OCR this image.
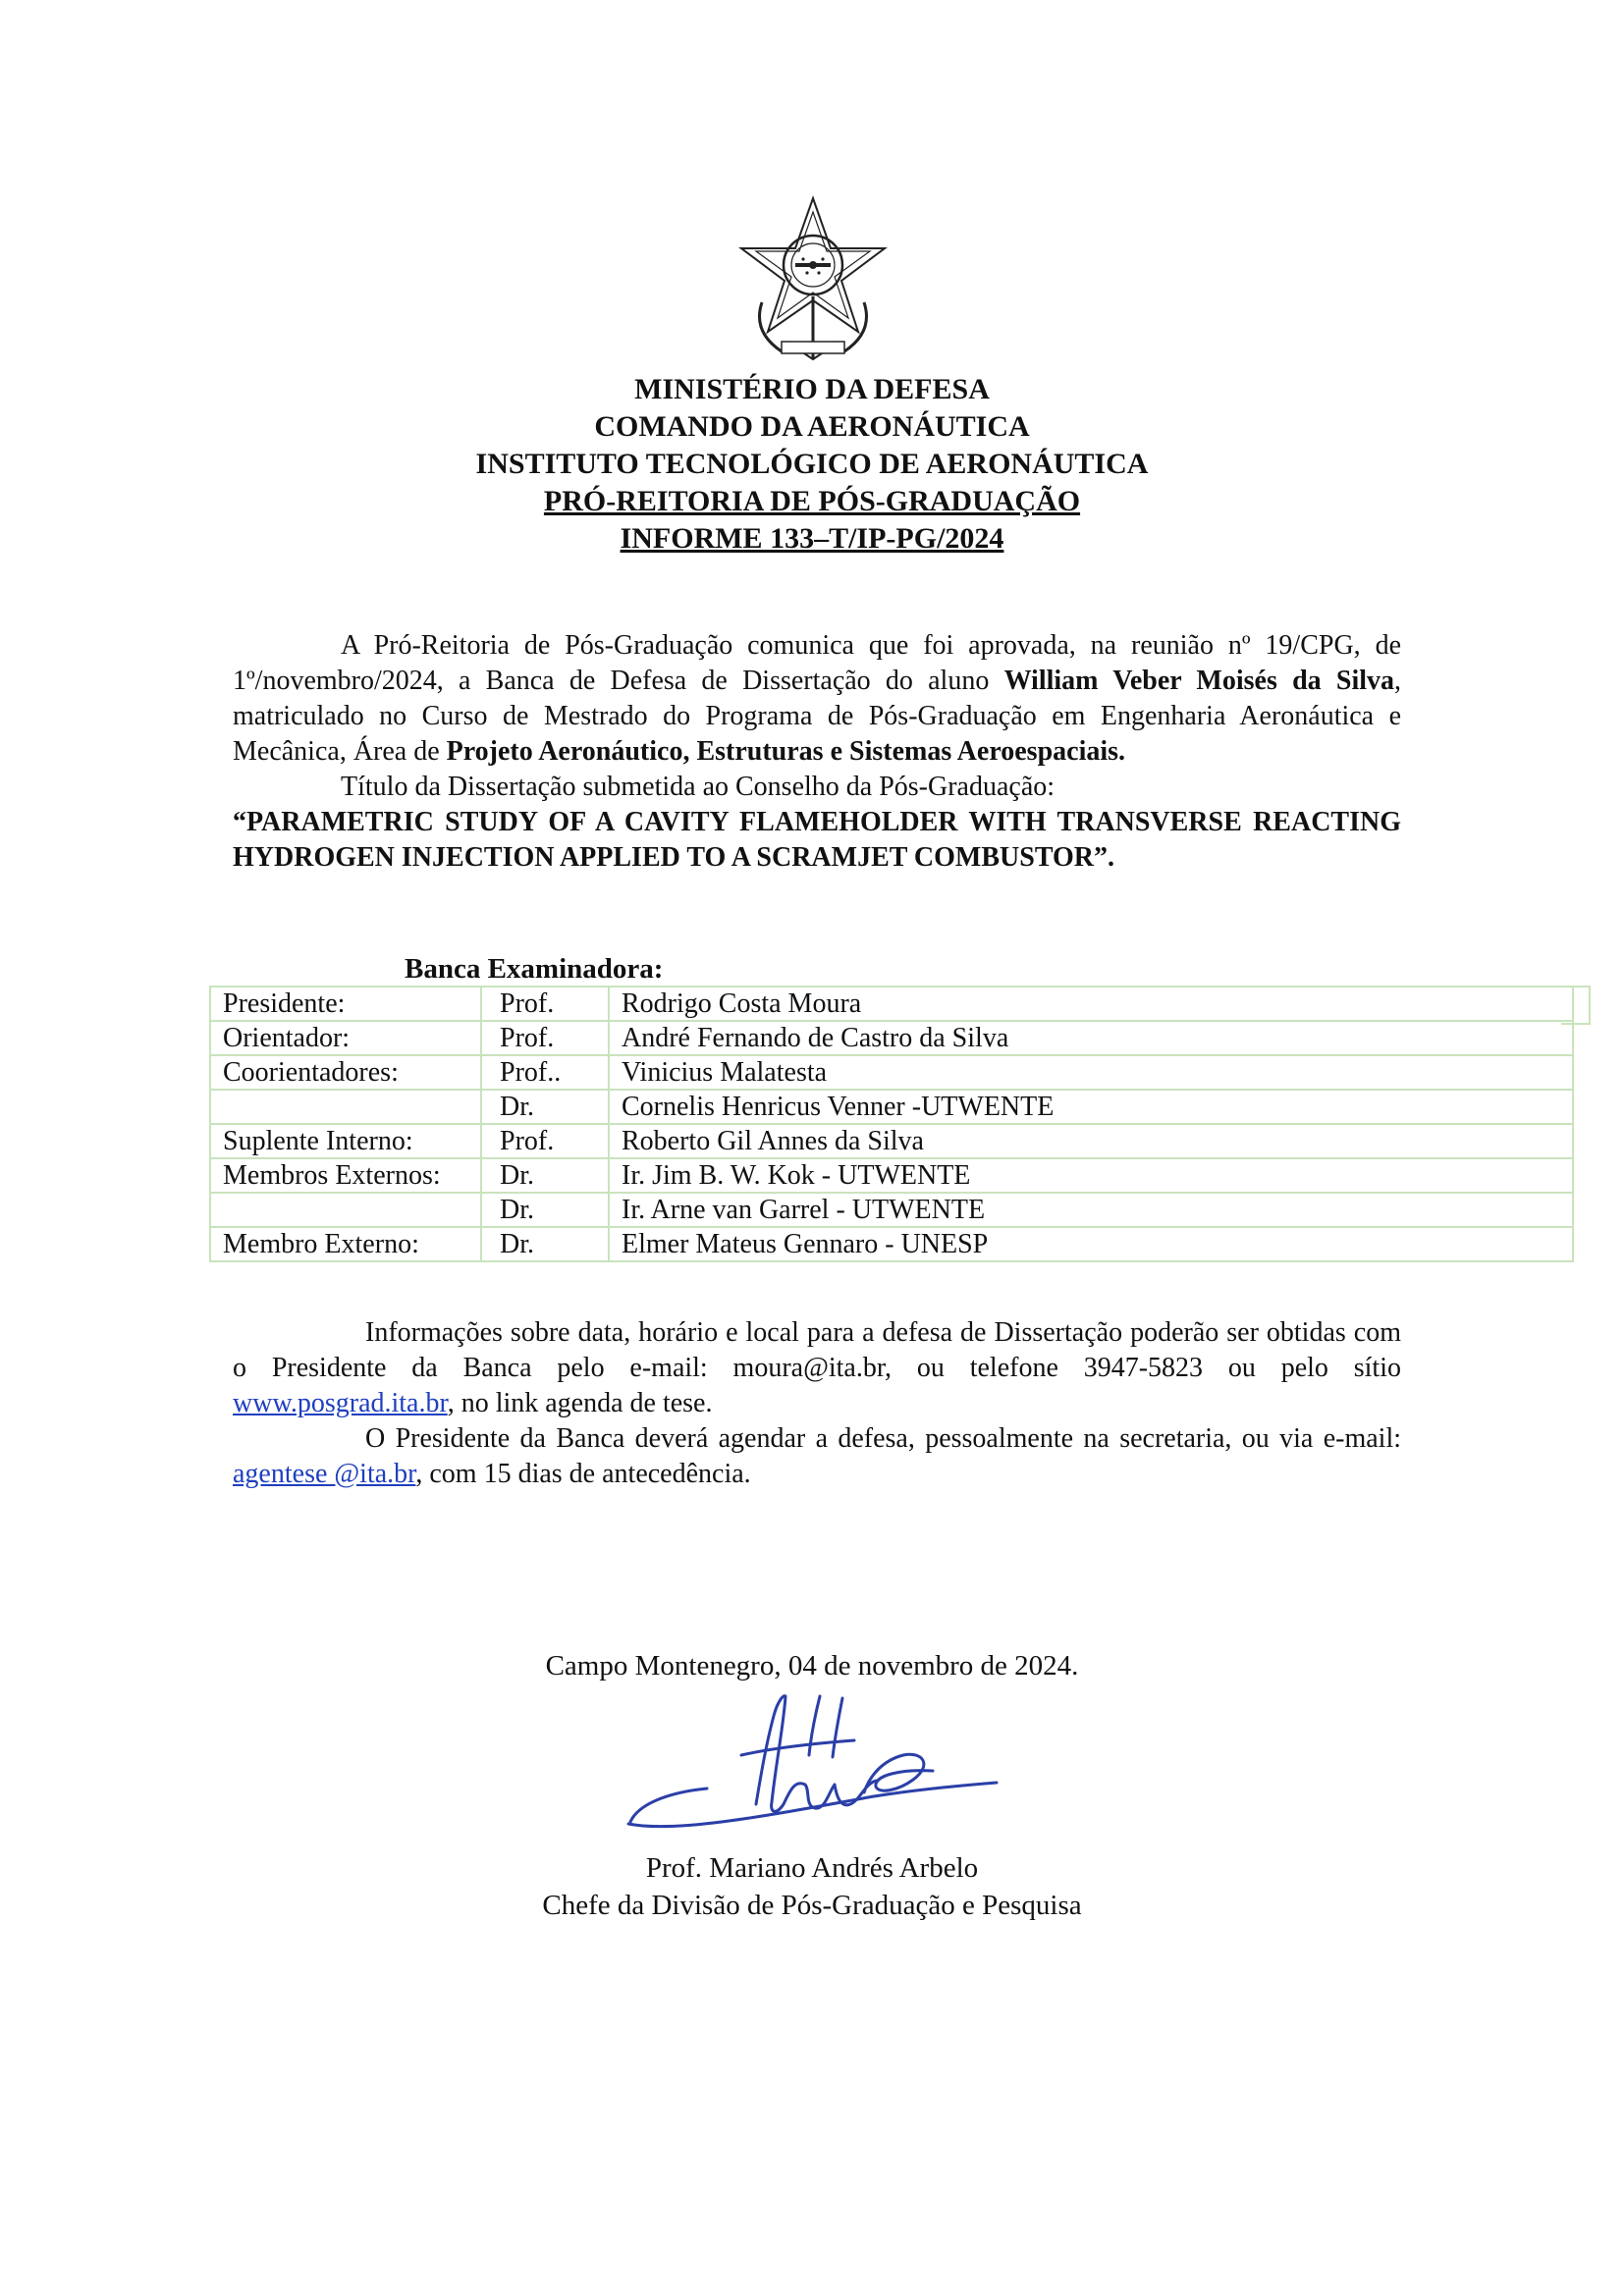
MINISTÉRIO DA DEFESA
COMANDO DA AERONÁUTICA
INSTITUTO TECNOLÓGICO DE AERONÁUTICA
PRÓ-REITORIA DE PÓS-GRADUAÇÃO
INFORME 133–T/IP-PG/2024

A Pró-Reitoria de Pós-Graduação comunica que foi aprovada, na reunião nº 19/CPG, de 1º/novembro/2024, a Banca de Defesa de Dissertação do aluno William Veber Moisés da Silva, matriculado no Curso de Mestrado do Programa de Pós-Graduação em Engenharia Aeronáutica e Mecânica, Área de Projeto Aeronáutico, Estruturas e Sistemas Aeroespaciais.

Título da Dissertação submetida ao Conselho da Pós-Graduação:

“PARAMETRIC STUDY OF A CAVITY FLAMEHOLDER WITH TRANSVERSE REACTING HYDROGEN INJECTION APPLIED TO A SCRAMJET COMBUSTOR”.

Banca Examinadora:
Presidente:	Prof.	Rodrigo Costa Moura
Orientador:	Prof.	André Fernando de Castro da Silva
Coorientadores:	Prof..	Vinicius Malatesta
	Dr.	Cornelis Henricus Venner -UTWENTE
Suplente Interno:	Prof.	Roberto Gil Annes da Silva
Membros Externos:	Dr.	Ir. Jim B. W. Kok - UTWENTE
	Dr.	Ir. Arne van Garrel - UTWENTE
Membro Externo:	Dr.	Elmer Mateus Gennaro - UNESP

Informações sobre data, horário e local para a defesa de Dissertação poderão ser obtidas com o Presidente da Banca pelo e-mail: moura@ita.br, ou telefone 3947-5823 ou pelo sítio www.posgrad.ita.br, no link agenda de tese.

O Presidente da Banca deverá agendar a defesa, pessoalmente na secretaria, ou via e-mail: agentese @ita.br, com 15 dias de antecedência.

Campo Montenegro, 04 de novembro de 2024.
Prof. Mariano Andrés Arbelo
Chefe da Divisão de Pós-Graduação e Pesquisa
